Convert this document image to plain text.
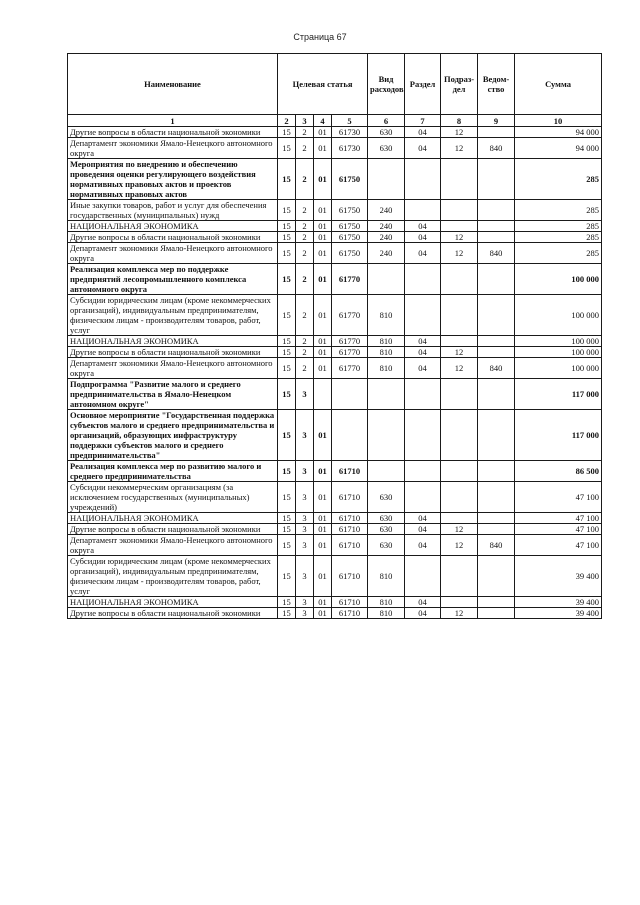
Страница 67
Наименование	Целевая статья				Вид расходов	Раздел	Подраз- дел	Ведом- ство	Сумма
1	2	3	4	5	6	7	8	9	10
Другие вопросы в области национальной экономики	15	2	01	61730	630	04	12		94 000
Департамент экономики Ямало-Ненецкого автономного округа	15	2	01	61730	630	04	12	840	94 000
Мероприятия по внедрению и обеспечению проведения оценки регулирующего воздействия нормативных правовых актов и проектов нормативных правовых актов	15	2	01	61750					285
Иные закупки товаров, работ и услуг для обеспечения государственных (муниципальных) нужд	15	2	01	61750	240				285
НАЦИОНАЛЬНАЯ ЭКОНОМИКА	15	2	01	61750	240	04			285
Другие вопросы в области национальной экономики	15	2	01	61750	240	04	12		285
Департамент экономики Ямало-Ненецкого автономного округа	15	2	01	61750	240	04	12	840	285
Реализация комплекса мер по поддержке предприятий лесопромышленного комплекса автономного округа	15	2	01	61770					100 000
Субсидии юридическим лицам (кроме некоммерческих организаций), индивидуальным предпринимателям, физическим лицам - производителям товаров, работ, услуг	15	2	01	61770	810				100 000
НАЦИОНАЛЬНАЯ ЭКОНОМИКА	15	2	01	61770	810	04			100 000
Другие вопросы в области национальной экономики	15	2	01	61770	810	04	12		100 000
Департамент экономики Ямало-Ненецкого автономного округа	15	2	01	61770	810	04	12	840	100 000
Подпрограмма "Развитие малого и среднего предпринимательства в Ямало-Ненецком автономном округе"	15	3							117 000
Основное мероприятие "Государственная поддержка субъектов малого и среднего предпринимательства и организаций, образующих инфраструктуру поддержки субъектов малого и среднего предпринимательства"	15	3	01						117 000
Реализация комплекса мер по развитию малого и среднего предпринимательства	15	3	01	61710					86 500
Субсидии некоммерческим организациям (за исключением государственных (муниципальных) учреждений)	15	3	01	61710	630				47 100
НАЦИОНАЛЬНАЯ ЭКОНОМИКА	15	3	01	61710	630	04			47 100
Другие вопросы в области национальной экономики	15	3	01	61710	630	04	12		47 100
Департамент экономики Ямало-Ненецкого автономного округа	15	3	01	61710	630	04	12	840	47 100
Субсидии юридическим лицам (кроме некоммерческих организаций), индивидуальным предпринимателям, физическим лицам - производителям товаров, работ, услуг	15	3	01	61710	810				39 400
НАЦИОНАЛЬНАЯ ЭКОНОМИКА	15	3	01	61710	810	04			39 400
Другие вопросы в области национальной экономики	15	3	01	61710	810	04	12		39 400
